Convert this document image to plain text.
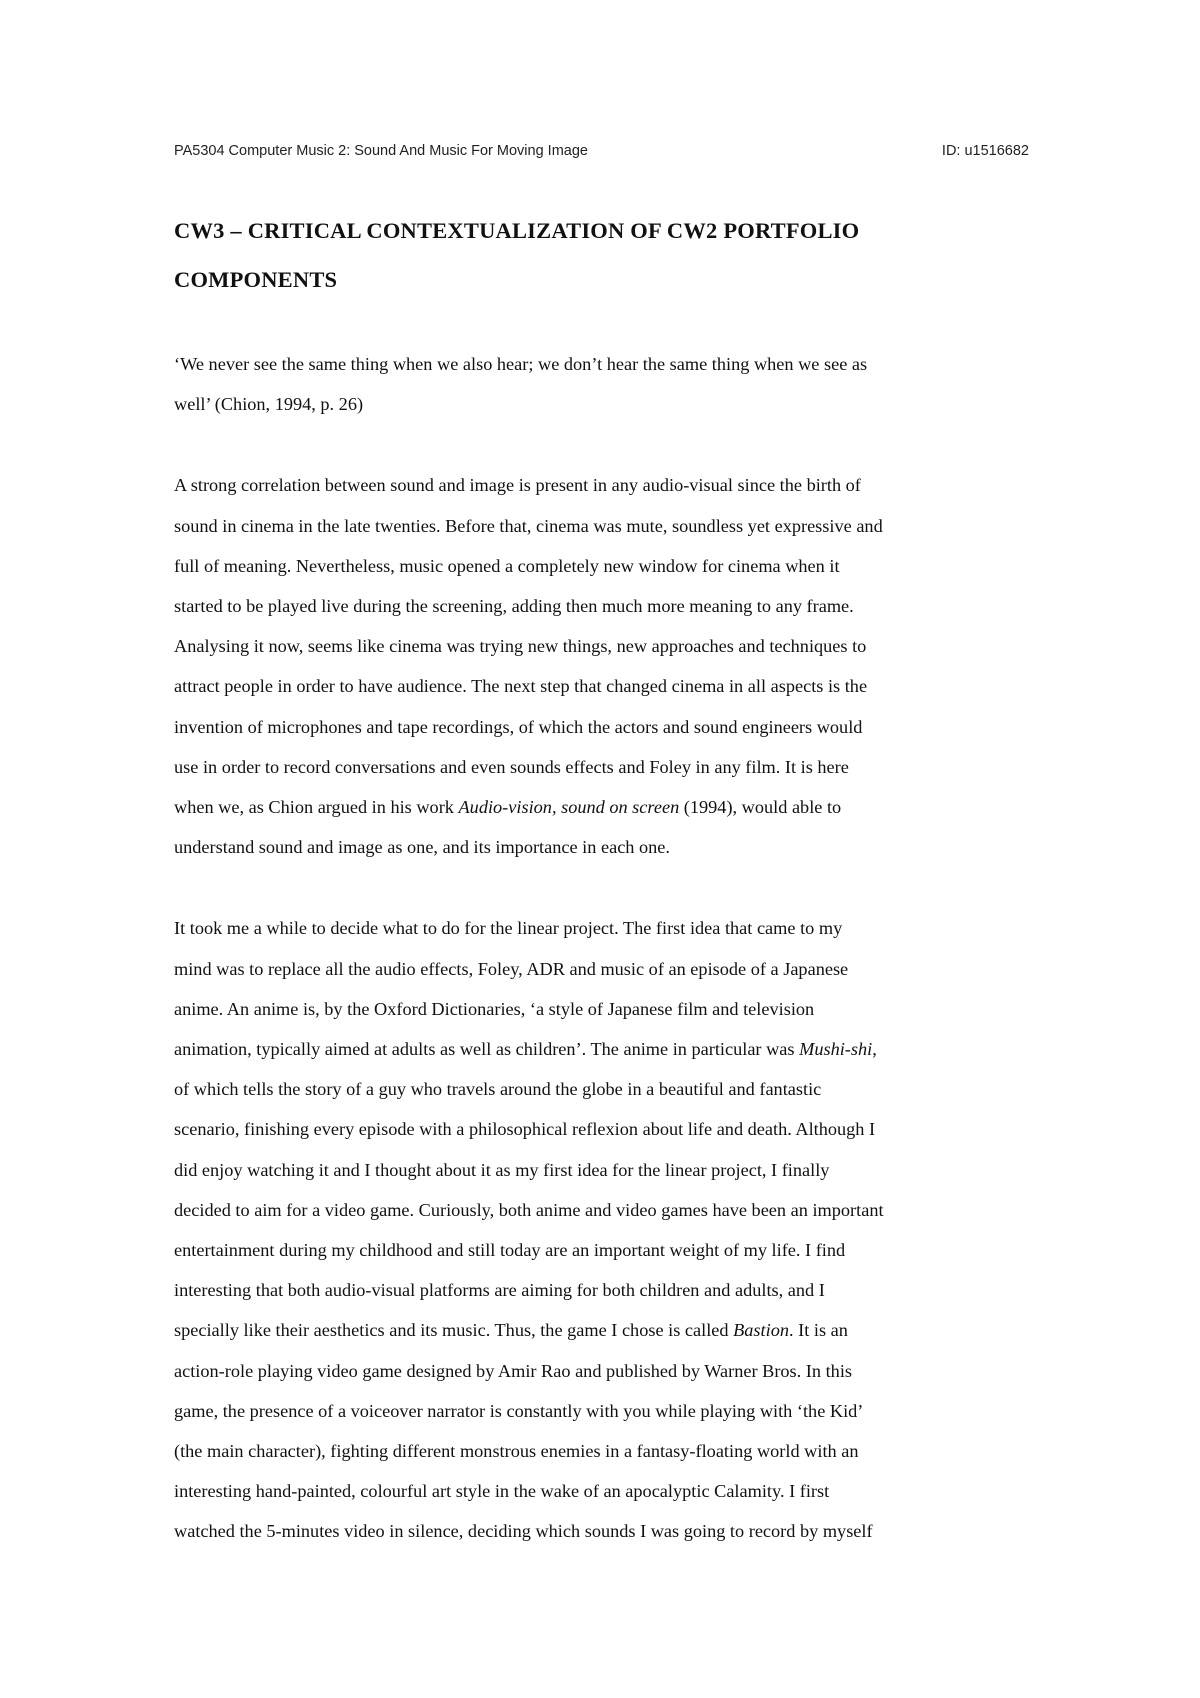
PA5304 Computer Music 2: Sound And Music For Moving Image	ID: u1516682
CW3 – CRITICAL CONTEXTUALIZATION OF CW2 PORTFOLIO
COMPONENTS

‘We never see the same thing when we also hear; we don’t hear the same thing when we see as
well’ (Chion, 1994, p. 26)

A strong correlation between sound and image is present in any audio-visual since the birth of
sound in cinema in the late twenties. Before that, cinema was mute, soundless yet expressive and
full of meaning. Nevertheless, music opened a completely new window for cinema when it
started to be played live during the screening, adding then much more meaning to any frame.
Analysing it now, seems like cinema was trying new things, new approaches and techniques to
attract people in order to have audience. The next step that changed cinema in all aspects is the
invention of microphones and tape recordings, of which the actors and sound engineers would
use in order to record conversations and even sounds effects and Foley in any film. It is here
when we, as Chion argued in his work Audio-vision, sound on screen (1994), would able to
understand sound and image as one, and its importance in each one.

It took me a while to decide what to do for the linear project. The first idea that came to my
mind was to replace all the audio effects, Foley, ADR and music of an episode of a Japanese
anime. An anime is, by the Oxford Dictionaries, ‘a style of Japanese film and television
animation, typically aimed at adults as well as children’. The anime in particular was Mushi-shi,
of which tells the story of a guy who travels around the globe in a beautiful and fantastic
scenario, finishing every episode with a philosophical reflexion about life and death. Although I
did enjoy watching it and I thought about it as my first idea for the linear project, I finally
decided to aim for a video game. Curiously, both anime and video games have been an important
entertainment during my childhood and still today are an important weight of my life. I find
interesting that both audio-visual platforms are aiming for both children and adults, and I
specially like their aesthetics and its music. Thus, the game I chose is called Bastion. It is an
action-role playing video game designed by Amir Rao and published by Warner Bros. In this
game, the presence of a voiceover narrator is constantly with you while playing with ‘the Kid’
(the main character), fighting different monstrous enemies in a fantasy-floating world with an
interesting hand-painted, colourful art style in the wake of an apocalyptic Calamity. I first
watched the 5-minutes video in silence, deciding which sounds I was going to record by myself
